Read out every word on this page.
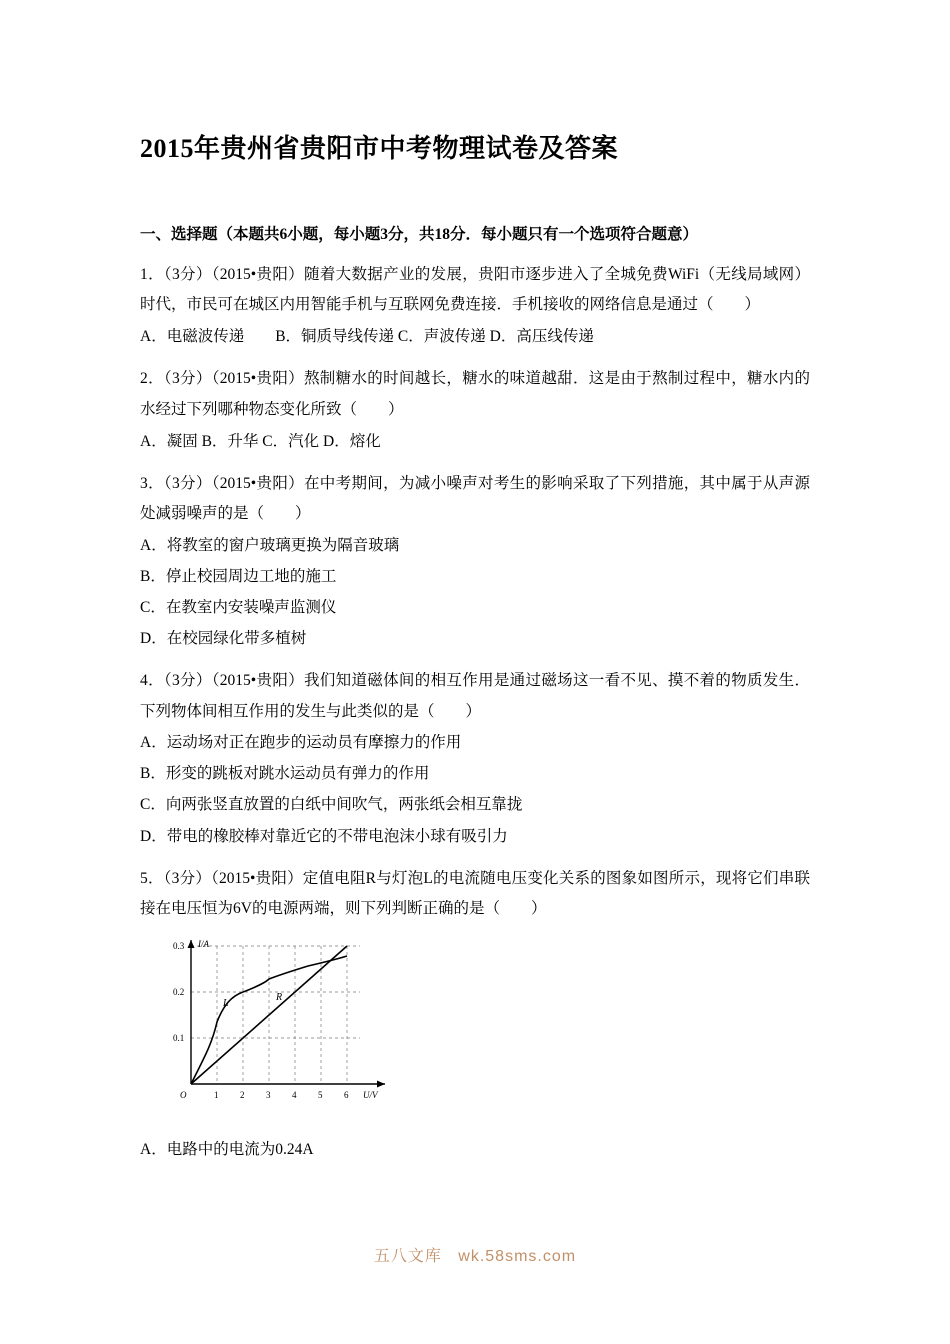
2015年贵州省贵阳市中考物理试卷及答案
一、选择题（本题共6小题，每小题3分，共18分．每小题只有一个选项符合题意）
1．（3分）（2015•贵阳）随着大数据产业的发展，贵阳市逐步进入了全城免费WiFi（无线局域网）时代，市民可在城区内用智能手机与互联网免费连接．手机接收的网络信息是通过（　　）
A．电磁波传递　　B．铜质导线传递 C．声波传递 D．高压线传递
2．（3分）（2015•贵阳）熬制糖水的时间越长，糖水的味道越甜．这是由于熬制过程中，糖水内的水经过下列哪种物态变化所致（　　）
A．凝固 B．升华 C．汽化 D．熔化
3．（3分）（2015•贵阳）在中考期间，为减小噪声对考生的影响采取了下列措施，其中属于从声源处减弱噪声的是（　　）
A．将教室的窗户玻璃更换为隔音玻璃
B．停止校园周边工地的施工
C．在教室内安装噪声监测仪
D．在校园绿化带多植树
4．（3分）（2015•贵阳）我们知道磁体间的相互作用是通过磁场这一看不见、摸不着的物质发生．下列物体间相互作用的发生与此类似的是（　　）
A．运动场对正在跑步的运动员有摩擦力的作用
B．形变的跳板对跳水运动员有弹力的作用
C．向两张竖直放置的白纸中间吹气，两张纸会相互靠拢
D．带电的橡胶棒对靠近它的不带电泡沫小球有吸引力
5．（3分）（2015•贵阳）定值电阻R与灯泡L的电流随电压变化关系的图象如图所示，现将它们串联接在电压恒为6V的电源两端，则下列判断正确的是（　　）
0.1
0.2
0.3
1 2 3 4 5 6
O
I/A
U/V
L
R
A．电路中的电流为0.24A
五八文库 wk.58sms.com
